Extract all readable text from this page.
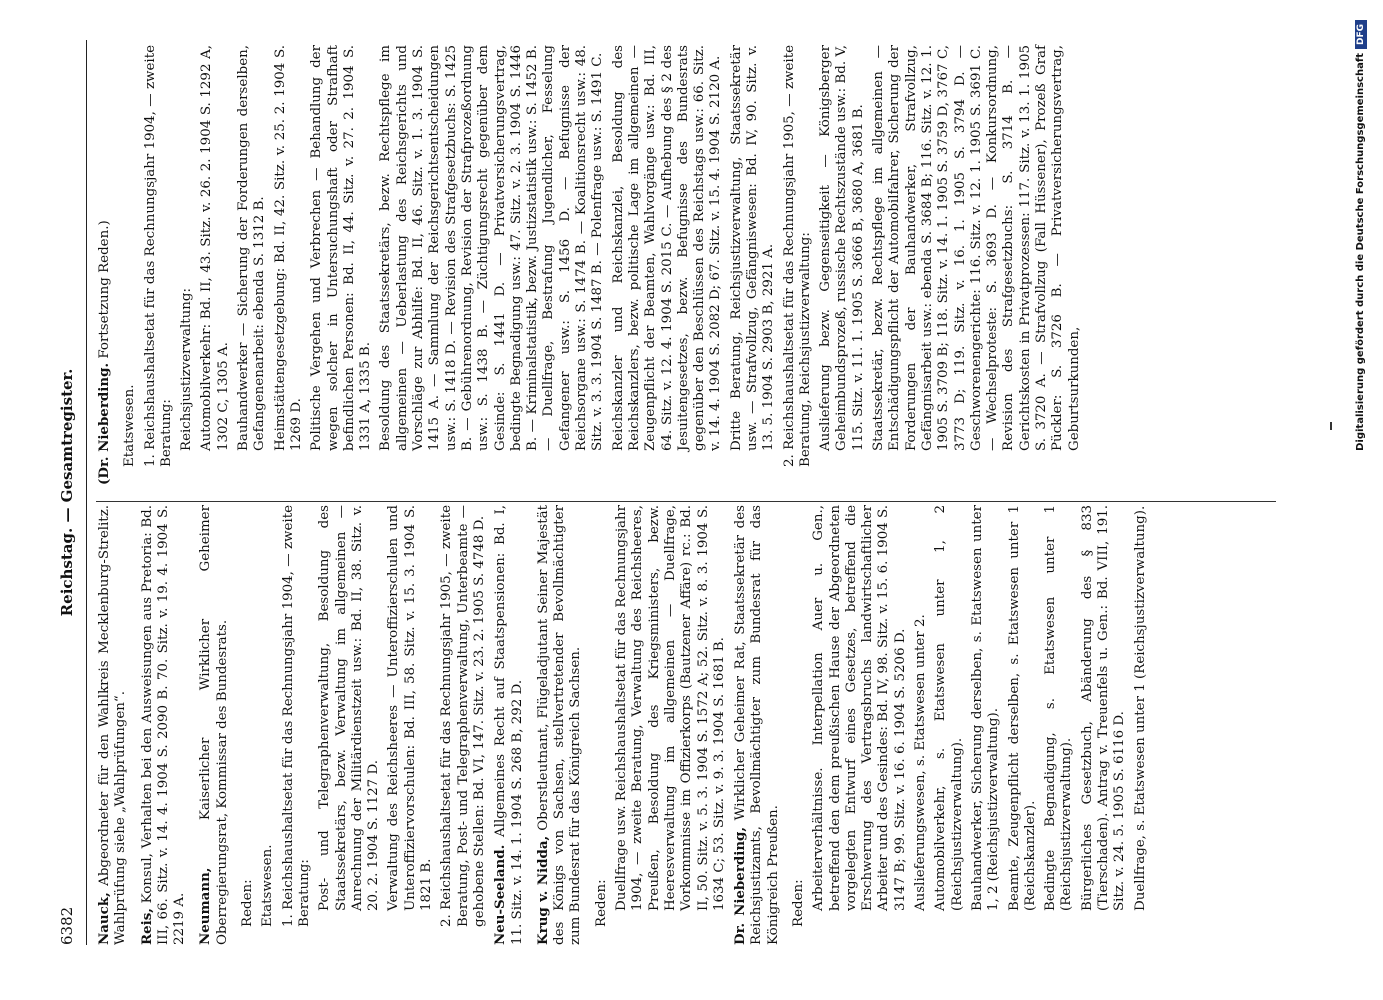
6382
Reichstag. — Gesamtregister.
Nauck, Abgeordneter für den Wahlkreis Mecklenburg-Strelitz. Wahlprüfung siehe „Wahlprüfungen“. Reis, Konsul, Verhalten bei den Ausweisungen aus Pretoria: Bd. III, 66. Sitz. v. 14. 4. 1904 S. 2090 B. 70. Sitz. v. 19. 4. 1904 S. 2219 A. Neumann, Kaiserlicher Wirklicher Geheimer Oberregierungsrat, Kommissar des Bundesrats. Reden: Etatswesen. 1. Reichshaushaltsetat für das Rechnungsjahr 1904, — zweite Beratung: Post- und Telegraphenverwaltung, Besoldung des Staatssekretärs, bezw. Verwaltung im allgemeinen — Anrechnung der Militärdienstzeit usw.: Bd. II, 38. Sitz. v. 20. 2. 1904 S. 1127 D. Verwaltung des Reichsheeres — Unteroffizierschulen und Unteroffiziervorschulen: Bd. III, 58. Sitz. v. 15. 3. 1904 S. 1821 B. 2. Reichshaushaltsetat für das Rechnungsjahr 1905, — zweite Beratung, Post- und Telegraphenverwaltung, Unterbeamte — gehobene Stellen: Bd. VI, 147. Sitz. v. 23. 2. 1905 S. 4748 D. Neu-Seeland. Allgemeines Recht auf Staatspensionen: Bd. I, 11. Sitz. v. 14. 1. 1904 S. 268 B, 292 D. Krug v. Nidda, Oberstleutnant, Flügeladjutant Seiner Majestät des Königs von Sachsen, stellvertretender Bevollmächtigter zum Bundesrat für das Königreich Sachsen. Reden: Duellfrage usw. Reichshaushaltsetat für das Rechnungsjahr 1904, — zweite Beratung, Verwaltung des Reichsheeres, Preußen, Besoldung des Kriegsministers, bezw. Heeresverwaltung im allgemeinen — Duellfrage, Vorkommnisse im Offizierkorps (Bautzener Affäre) rc.: Bd. II, 50. Sitz. v. 5. 3. 1904 S. 1572 A; 52. Sitz. v. 8. 3. 1904 S. 1634 C; 53. Sitz. v. 9. 3. 1904 S. 1681 B. Dr. Nieberding, Wirklicher Geheimer Rat, Staatssekretär des Reichsjustizamts, Bevollmächtigter zum Bundesrat für das Königreich Preußen. Reden: Arbeiterverhältnisse. Interpellation Auer u. Gen., betreffend den dem preußischen Hause der Abgeordneten vorgelegten Entwurf eines Gesetzes, betreffend die Erschwerung des Vertragsbruchs landwirtschaftlicher Arbeiter und des Gesindes: Bd. IV, 98. Sitz. v. 15. 6. 1904 S. 3147 B; 99. Sitz. v. 16. 6. 1904 S. 5206 D. Auslieferungswesen, s. Etatswesen unter 2. Automobilverkehr, s. Etatswesen unter 1, 2 (Reichsjustizverwaltung). Bauhandwerker, Sicherung derselben, s. Etatswesen unter 1, 2 (Reichsjustizverwaltung). Beamte, Zeugenpflicht derselben, s. Etatswesen unter 1 (Reichskanzler). Bedingte Begnadigung, s. Etatswesen unter 1 (Reichsjustizverwaltung). Bürgerliches Gesetzbuch, Abänderung des § 833 (Tierschaden). Antrag v. Treuenfels u. Gen.: Bd. VIII, 191. Sitz. v. 24. 5. 1905 S. 6116 D. Duellfrage, s. Etatswesen unter 1 (Reichsjustizverwaltung).
(Dr. Nieberding. Fortsetzung Reden.)
Etatswesen. 1. Reichshaushaltsetat für das Rechnungsjahr 1904, — zweite Beratung: Reichsjustizverwaltung: Automobilverkehr: Bd. II, 43. Sitz. v. 26. 2. 1904 S. 1292 A, 1302 C, 1305 A. Bauhandwerker — Sicherung der Forderungen derselben, Gefangenenarbeit: ebenda S. 1312 B. Heimstättengesetzgebung: Bd. II, 42. Sitz. v. 25. 2. 1904 S. 1269 D. Politische Vergehen und Verbrechen — Behandlung der wegen solcher in Untersuchungshaft oder Strafhaft befindlichen Personen: Bd. II, 44. Sitz. v. 27. 2. 1904 S. 1331 A, 1335 B. Besoldung des Staatssekretärs, bezw. Rechtspflege im allgemeinen — Ueberlastung des Reichsgerichts und Vorschläge zur Abhilfe: Bd. II, 46. Sitz. v. 1. 3. 1904 S. 1415 A. — Sammlung der Reichsgerichtsentscheidungen usw.: S. 1418 D. — Revision des Strafgesetzbuchs: S. 1425 B. — Gebührenordnung, Revision der Strafprozeßordnung usw.: S. 1438 B. — Züchtigungsrecht gegenüber dem Gesinde: S. 1441 D. — Privatversicherungsvertrag, bedingte Begnadigung usw.: 47. Sitz. v. 2. 3. 1904 S. 1446 B. — Kriminalstatistik, bezw. Justizstatistik usw.: S. 1452 B. — Duellfrage, Bestrafung Jugendlicher, Fesselung Gefangener usw.: S. 1456 D. — Befugnisse der Reichsorgane usw.: S. 1474 B. — Koalitionsrecht usw.: 48. Sitz. v. 3. 3. 1904 S. 1487 B. — Polenfrage usw.: S. 1491 C. Reichskanzler und Reichskanzlei, Besoldung des Reichskanzlers, bezw. politische Lage im allgemeinen — Zeugenpflicht der Beamten, Wahlvorgänge usw.: Bd. III, 64. Sitz. v. 12. 4. 1904 S. 2015 C. — Aufhebung des § 2 des Jesuitengesetzes, bezw. Befugnisse des Bundesrats gegenüber den Beschlüssen des Reichstags usw.: 66. Sitz. v. 14. 4. 1904 S. 2082 D; 67. Sitz. v. 15. 4. 1904 S. 2120 A. Dritte Beratung, Reichsjustizverwaltung, Staatssekretär usw. — Strafvollzug, Gefängniswesen: Bd. IV, 90. Sitz. v. 13. 5. 1904 S. 2903 B, 2921 A. 2. Reichshaushaltsetat für das Rechnungsjahr 1905, — zweite Beratung, Reichsjustizverwaltung: Auslieferung bezw. Gegenseitigkeit — Königsberger Geheimbundsprozeß, russische Rechtszustände usw.: Bd. V, 115. Sitz. v. 11. 1. 1905 S. 3666 B, 3680 A, 3681 B. Staatssekretär, bezw. Rechtspflege im allgemeinen — Entschädigungspflicht der Automobilfahrer, Sicherung der Forderungen der Bauhandwerker, Strafvollzug, Gefängnisarbeit usw.: ebenda S. 3684 B; 116. Sitz. v. 12. 1. 1905 S. 3709 B; 118. Sitz. v. 14. 1. 1905 S. 3759 D, 3767 C, 3773 D; 119. Sitz. v. 16. 1. 1905 S. 3794 D. — Geschworenengerichte: 116. Sitz. v. 12. 1. 1905 S. 3691 C. — Wechselproteste: S. 3693 D. — Konkursordnung, Revision des Strafgesetzbuchs: S. 3714 B. — Gerichtskosten in Privatprozessen: 117. Sitz. v. 13. 1. 1905 S. 3720 A. — Strafvollzug (Fall Hüssener), Prozeß Graf Pückler: S. 3726 B. — Privatversicherungsvertrag, Geburtsurkunden,	Digitalisierung gefördert durch die Deutsche ForschungsgemeinschaftDFG
